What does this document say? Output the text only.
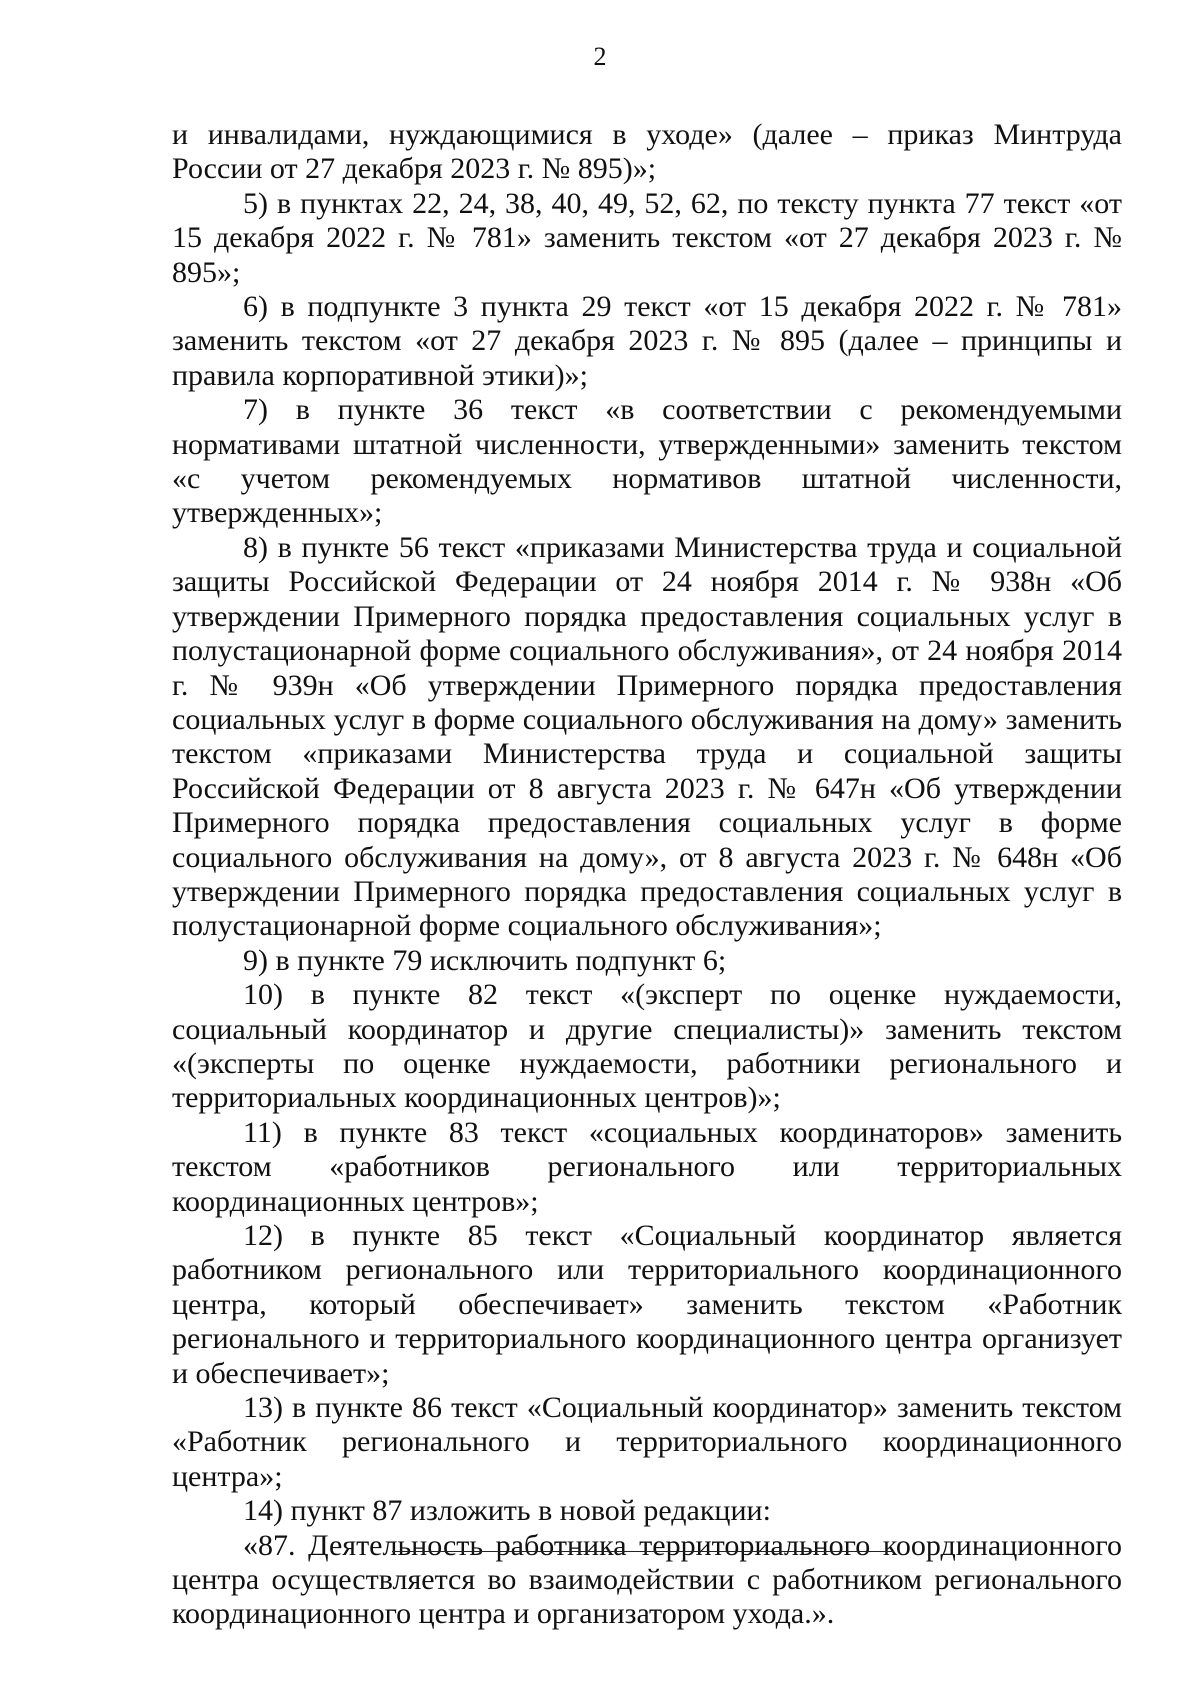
2

и инвалидами, нуждающимися в уходе» (далее – приказ Минтруда России от 27 декабря 2023 г. № 895)»;

5) в пунктах 22, 24, 38, 40, 49, 52, 62, по тексту пункта 77 текст «от 15 декабря 2022 г. № 781» заменить текстом «от 27 декабря 2023 г. № 895»;

6) в подпункте 3 пункта 29 текст «от 15 декабря 2022 г. № 781» заменить текстом «от 27 декабря 2023 г. № 895 (далее – принципы и правила корпоративной этики)»;

7) в пункте 36 текст «в соответствии с рекомендуемыми нормативами штатной численности, утвержденными» заменить текстом «с учетом рекомендуемых нормативов штатной численности, утвержденных»;

8) в пункте 56 текст «приказами Министерства труда и социальной защиты Российской Федерации от 24 ноября 2014 г. № 938н «Об утверждении Примерного порядка предоставления социальных услуг в полустационарной форме социального обслуживания», от 24 ноября 2014 г. № 939н «Об утверждении Примерного порядка предоставления социальных услуг в форме социального обслуживания на дому» заменить текстом «приказами Министерства труда и социальной защиты Российской Федерации от 8 августа 2023 г. № 647н «Об утверждении Примерного порядка предоставления социальных услуг в форме социального обслуживания на дому», от 8 августа 2023 г. № 648н «Об утверждении Примерного порядка предоставления социальных услуг в полустационарной форме социального обслуживания»;

9) в пункте 79 исключить подпункт 6;

10) в пункте 82 текст «(эксперт по оценке нуждаемости, социальный координатор и другие специалисты)» заменить текстом «(эксперты по оценке нуждаемости, работники регионального и территориальных координационных центров)»;

11) в пункте 83 текст «социальных координаторов» заменить текстом «работников регионального или территориальных координационных центров»;

12) в пункте 85 текст «Социальный координатор является работником регионального или территориального координационного центра, который обеспечивает» заменить текстом «Работник регионального и территориального координационного центра организует и обеспечивает»;

13) в пункте 86 текст «Социальный координатор» заменить текстом «Работник регионального и территориального координационного центра»;

14) пункт 87 изложить в новой редакции:

«87. Деятельность работника территориального координационного центра осуществляется во взаимодействии с работником регионального координационного центра и организатором ухода.».
